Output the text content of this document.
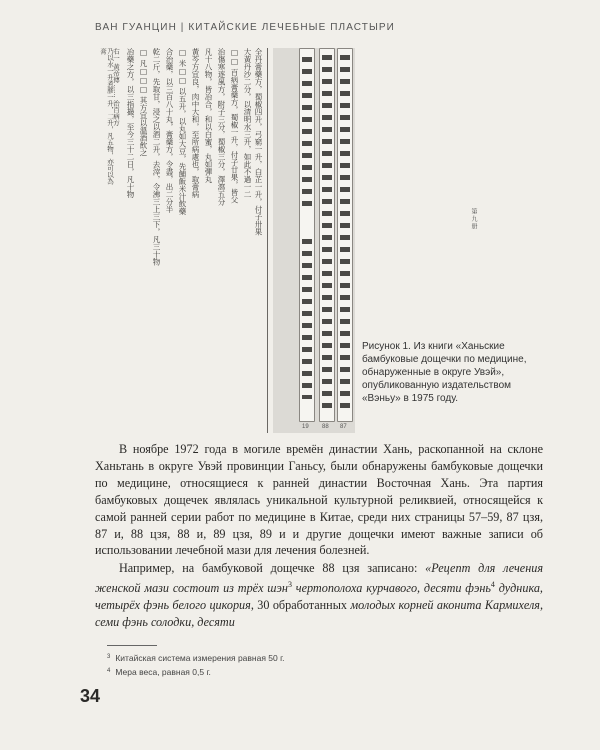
ВАН ГУАНЦИН | КИТАЙСКИЕ ЛЕЧЕБНЫЕ ПЛАСТЫРИ
乃以水一升煮膠一升，二升，凡五物，亦可以為膏 右一 黃帝傳 …… 治百病方 冶藥之方，以三指撮，至今三十二日，凡十物 □ 凡□□□ 其方宜以溫酒飲之 乾二斤，先取甘，浸之以酒二升，去滓，令沸三上三下，凡三十物 合治藥，以三百八十丸，膏藥方，令盡，出二分半 □ 米□□ 以五升，以丸如大豆，先餔飯米汁飲藥 黃芩方宜良，肉中大和，至所病處也，取膏病 凡十八物，皆冶合，和以白蜜，丸如彈丸 治傷寒逐風方，附子三分，蜀椒三分，澤瀉五分 □□ 百病膏藥方，蜀椒一升，付子廿果，皆父 大黃丹沙二分，以清明水三升，如此不過一二 全丹膏藥方，蜀椒四升，弓窮一升，白芷一升，付子卅果	第 九 册
19 88 87
Рисунок 1. Из книги «Ханьские бамбуковые дощечки по медицине, обнаруженные в округе Увэй», опубликованную издательством «Вэньу» в 1975 году.

В ноябре 1972 года в могиле времён династии Хань, раскопанной на склоне Ханьтань в округе Увэй провинции Ганьсу, были обнаружены бамбуковые дощечки по медицине, относящиеся к ранней династии Восточная Хань. Эта партия бамбуковых дощечек являлась уникальной культурной реликвией, относящейся к самой ранней серии работ по медицине в Китае, среди них страницы 57–59, 87 цзя, 87 и, 88 цзя, 88 и, 89 цзя, 89 и и другие дощечки имеют важные записи об использовании лечебной мази для лечения болезней.

Например, на бамбуковой дощечке 88 цзя записано: «Рецепт для лечения женской мази состоит из трёх шэн$^3$ чертополоха курчавого, десяти фэнь$^4$ дудника, четырёх фэнь белого цикория, 30 обработанных молодых корней аконита Кармихеля, семи фэнь солодки, десяти

$^3$ Китайская система измерения равная 50 г.
$^4$ Мера веса, равная 0,5 г.
34
